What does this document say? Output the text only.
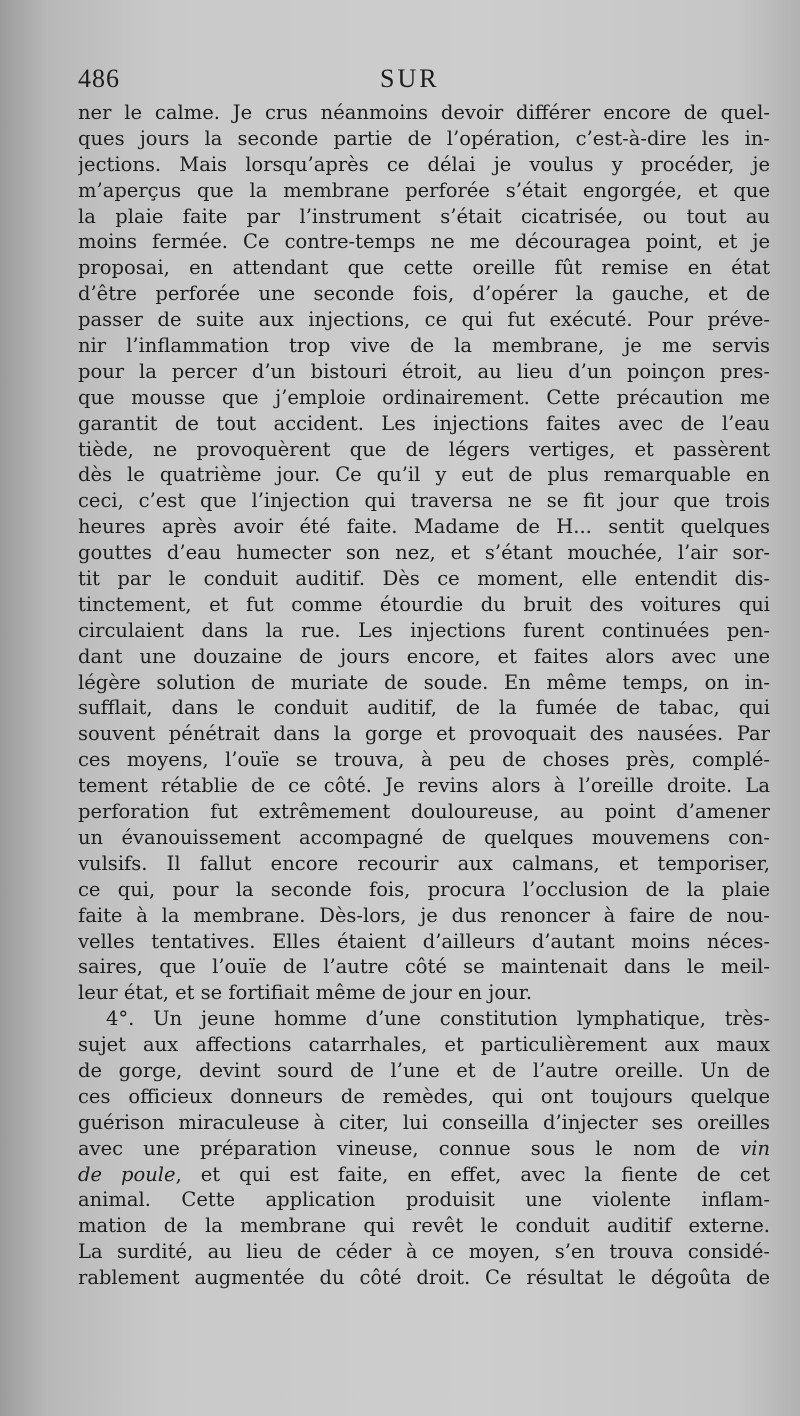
486	SUR
ner le calme. Je crus néanmoins devoir différer encore de quel-
ques jours la seconde partie de l’opération, c’est-à-dire les in-
jections. Mais lorsqu’après ce délai je voulus y procéder, je
m’aperçus que la membrane perforée s’était engorgée, et que
la plaie faite par l’instrument s’était cicatrisée, ou tout au
moins fermée. Ce contre-temps ne me découragea point, et je
proposai, en attendant que cette oreille fût remise en état
d’être perforée une seconde fois, d’opérer la gauche, et de
passer de suite aux injections, ce qui fut exécuté. Pour préve-
nir l’inflammation trop vive de la membrane, je me servis
pour la percer d’un bistouri étroit, au lieu d’un poinçon pres-
que mousse que j’emploie ordinairement. Cette précaution me
garantit de tout accident. Les injections faites avec de l’eau
tiède, ne provoquèrent que de légers vertiges, et passèrent
dès le quatrième jour. Ce qu’il y eut de plus remarquable en
ceci, c’est que l’injection qui traversa ne se fit jour que trois
heures après avoir été faite. Madame de H... sentit quelques
gouttes d’eau humecter son nez, et s’étant mouchée, l’air sor-
tit par le conduit auditif. Dès ce moment, elle entendit dis-
tinctement, et fut comme étourdie du bruit des voitures qui
circulaient dans la rue. Les injections furent continuées pen-
dant une douzaine de jours encore, et faites alors avec une
légère solution de muriate de soude. En même temps, on in-
sufflait, dans le conduit auditif, de la fumée de tabac, qui
souvent pénétrait dans la gorge et provoquait des nausées. Par
ces moyens, l’ouïe se trouva, à peu de choses près, complé-
tement rétablie de ce côté. Je revins alors à l’oreille droite. La
perforation fut extrêmement douloureuse, au point d’amener
un évanouissement accompagné de quelques mouvemens con-
vulsifs. Il fallut encore recourir aux calmans, et temporiser,
ce qui, pour la seconde fois, procura l’occlusion de la plaie
faite à la membrane. Dès-lors, je dus renoncer à faire de nou-
velles tentatives. Elles étaient d’ailleurs d’autant moins néces-
saires, que l’ouïe de l’autre côté se maintenait dans le meil-
leur état, et se fortifiait même de jour en jour.
4°. Un jeune homme d’une constitution lymphatique, très-
sujet aux affections catarrhales, et particulièrement aux maux
de gorge, devint sourd de l’une et de l’autre oreille. Un de
ces officieux donneurs de remèdes, qui ont toujours quelque
guérison miraculeuse à citer, lui conseilla d’injecter ses oreilles
avec une préparation vineuse, connue sous le nom de vin
de poule, et qui est faite, en effet, avec la fiente de cet
animal. Cette application produisit une violente inflam-
mation de la membrane qui revêt le conduit auditif externe.
La surdité, au lieu de céder à ce moyen, s’en trouva considé-
rablement augmentée du côté droit. Ce résultat le dégoûta de
